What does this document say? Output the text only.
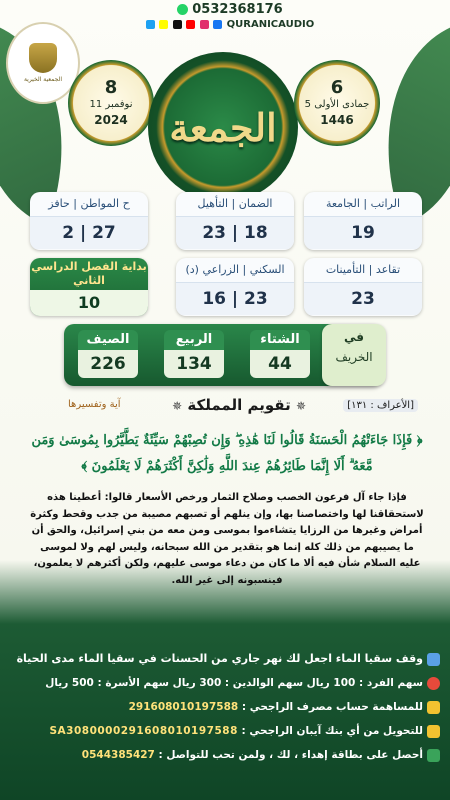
الجمعية الخيرية
0532368176
QURANICAUDIO
8
نوفمبر 11
2024 الجمعة
6
جمادى الأولى 5
1446
الراتب | الجامعة
19
الضمان | التأهيل
23 | 18
ح المواطن | حافز
2 | 27
تقاعد | التأمينات
23
(د) السكني | الزراعي
16 | 23
بداية الفصل الدراسي الثاني
10
الشتاء
44
الربيع
134
الصيف
226
في
الخريف
✵ تقويم المملكة ✵	[الأعراف : ١٣١]
آية وتفسيرها
﴿ فَإِذَا جَاءَتْهُمُ الْحَسَنَةُ قَالُوا لَنَا هَٰذِهِ ۖ وَإِن تُصِبْهُمْ سَيِّئَةٌ يَطَّيَّرُوا بِمُوسَىٰ وَمَن مَّعَهُ ۗ أَلَا إِنَّمَا طَائِرُهُمْ عِندَ اللَّهِ وَلَٰكِنَّ أَكْثَرَهُمْ لَا يَعْلَمُونَ ﴾
فإذا جاء آل فرعون الخصب وصلاح الثمار ورخص الأسعار قالوا: أعطينا هذه لاستحقاقنا لها واختصاصنا بها، وإن ينلهم أو تصبهم مصيبة من جدب وقحط وكثرة أمراض وغيرها من الرزايا يتشاءموا بموسى ومن معه من بني إسرائيل، والحق أن ما يصيبهم من ذلك كله إنما هو بتقدير من الله سبحانه، وليس لهم ولا لموسى عليه السلام شأن فيه ألا ما كان من دعاء موسى عليهم، ولكن أكثرهم لا يعلمون، فينسبونه إلى غير الله.
وقف سقيا الماء اجعل لك نهر جاري من الحسنات في سقيا الماء مدى الحياة
سهم الفرد : 100 ريال سهم الوالدين : 300 ريال سهم الأسرة : 500 ريال
للمساهمة حساب مصرف الراجحي : 291608010197588
للتحويل من أي بنك آيبان الراجحي : SA3080000291608010197588
أحصل على بطاقة إهداء ، لك ، ولمن تحب للتواصل : 0544385427
